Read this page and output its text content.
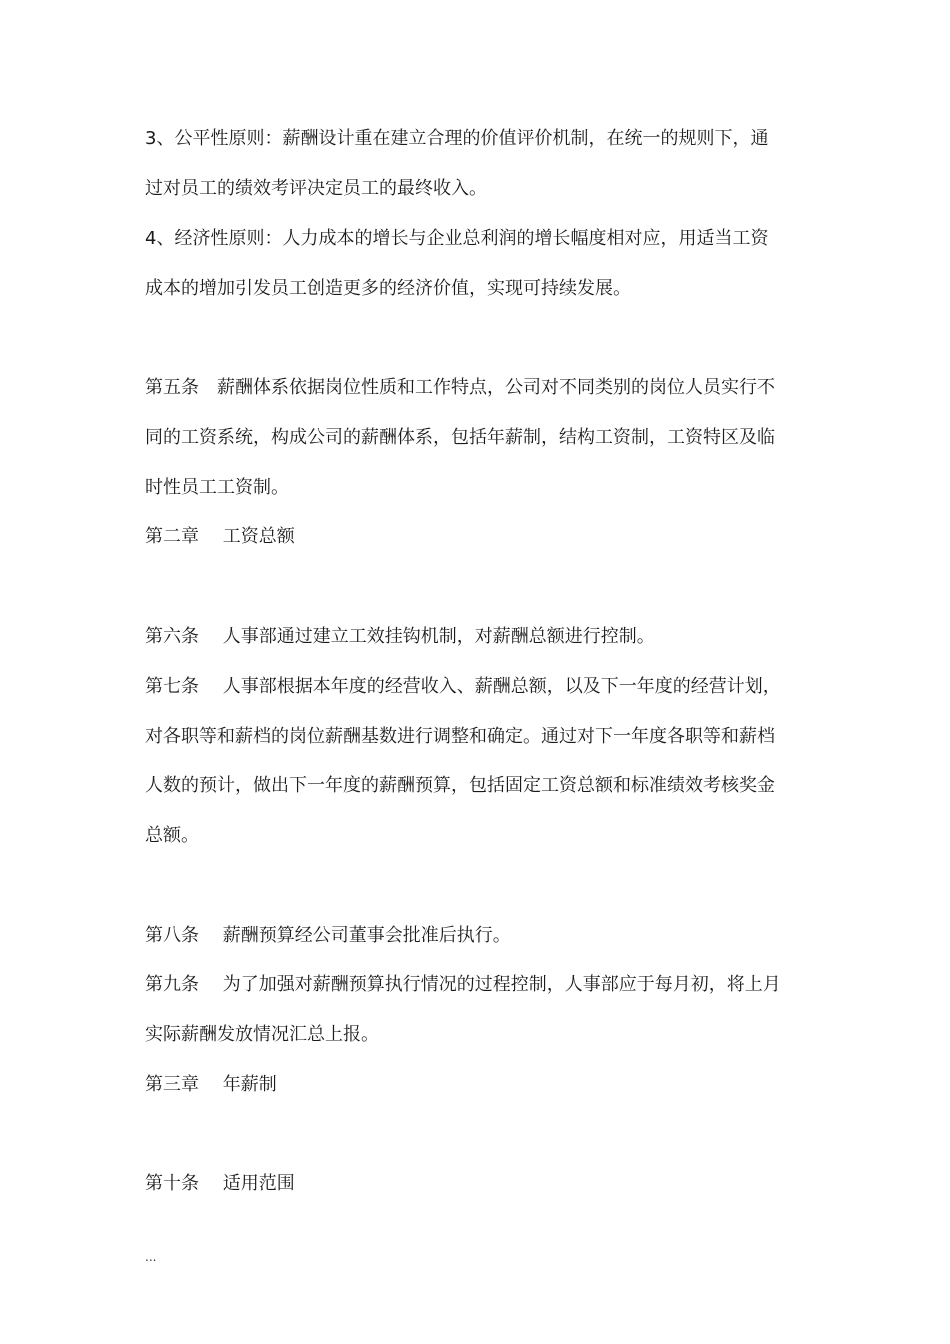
3、公平性原则：薪酬设计重在建立合理的价值评价机制，在统一的规则下，通
过对员工的绩效考评决定员工的最终收入。
4、经济性原则：人力成本的增长与企业总利润的增长幅度相对应，用适当工资
成本的增加引发员工创造更多的经济价值，实现可持续发展。
第五条　薪酬体系依据岗位性质和工作特点，公司对不同类别的岗位人员实行不
同的工资系统，构成公司的薪酬体系，包括年薪制，结构工资制，工资特区及临
时性员工工资制。
第二章　 工资总额
第六条　 人事部通过建立工效挂钩机制，对薪酬总额进行控制。
第七条　 人事部根据本年度的经营收入、薪酬总额，以及下一年度的经营计划，
对各职等和薪档的岗位薪酬基数进行调整和确定。通过对下一年度各职等和薪档
人数的预计，做出下一年度的薪酬预算，包括固定工资总额和标准绩效考核奖金
总额。
第八条　 薪酬预算经公司董事会批准后执行。
第九条　 为了加强对薪酬预算执行情况的过程控制，人事部应于每月初，将上月
实际薪酬发放情况汇总上报。
第三章　 年薪制
第十条　 适用范围
...
